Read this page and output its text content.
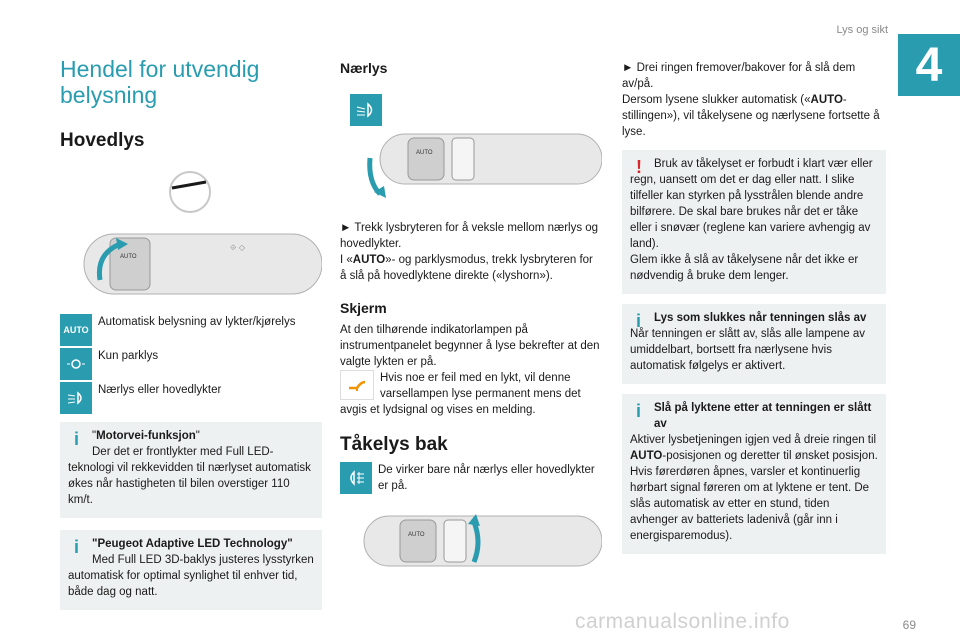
Lys og sikt
4
Hendel for utvendig belysning
Hovedlys
AUTO
⟐ ◇
AUTO
Automatisk belysning av lykter/kjørelys
Kun parklys
Nærlys eller hovedlykter
i	"Motorvei-funksjon"
Der det er frontlykter med Full LED-teknologi vil rekkevidden til nærlyset automatisk økes når hastigheten til bilen overstiger 110 km/t.
i	"Peugeot Adaptive LED Technology"
Med Full LED 3D-baklys justeres lysstyrken automatisk for optimal synlighet til enhver tid, både dag og natt.
Nærlys
AUTO
► Trekk lysbryteren for å veksle mellom nærlys og hovedlykter.
I «AUTO»- og parklysmodus, trekk lysbryteren for å slå på hovedlyktene direkte («lyshorn»).
Skjerm
At den tilhørende indikatorlampen på instrumentpanelet begynner å lyse bekrefter at den valgte lykten er på.
Hvis noe er feil med en lykt, vil denne varsellampen lyse permanent mens det avgis et lydsignal og vises en melding.
Tåkelys bak
De virker bare når nærlys eller hovedlykter er på.
AUTO
► Drei ringen fremover/bakover for å slå dem av/på.
Dersom lysene slukker automatisk («AUTO-stillingen»), vil tåkelysene og nærlysene fortsette å lyse.
!	Bruk av tåkelyset er forbudt i klart vær eller regn, uansett om det er dag eller natt. I slike tilfeller kan styrken på lysstrålen blende andre bilførere. De skal bare brukes når det er tåke eller i snøvær (reglene kan variere avhengig av land).
Glem ikke å slå av tåkelysene når det ikke er nødvendig å bruke dem lenger.
i	Lys som slukkes når tenningen slås av
Når tenningen er slått av, slås alle lampene av umiddelbart, bortsett fra nærlysene hvis automatisk følgelys er aktivert.
i	Slå på lyktene etter at tenningen er slått av
Aktiver lysbetjeningen igjen ved å dreie ringen til AUTO-posisjonen og deretter til ønsket posisjon.
Hvis førerdøren åpnes, varsler et kontinuerlig hørbart signal føreren om at lyktene er tent. De slås automatisk av etter en stund, tiden avhenger av batteriets ladenivå (går inn i energisparemodus).
carmanualsonline.info	69
